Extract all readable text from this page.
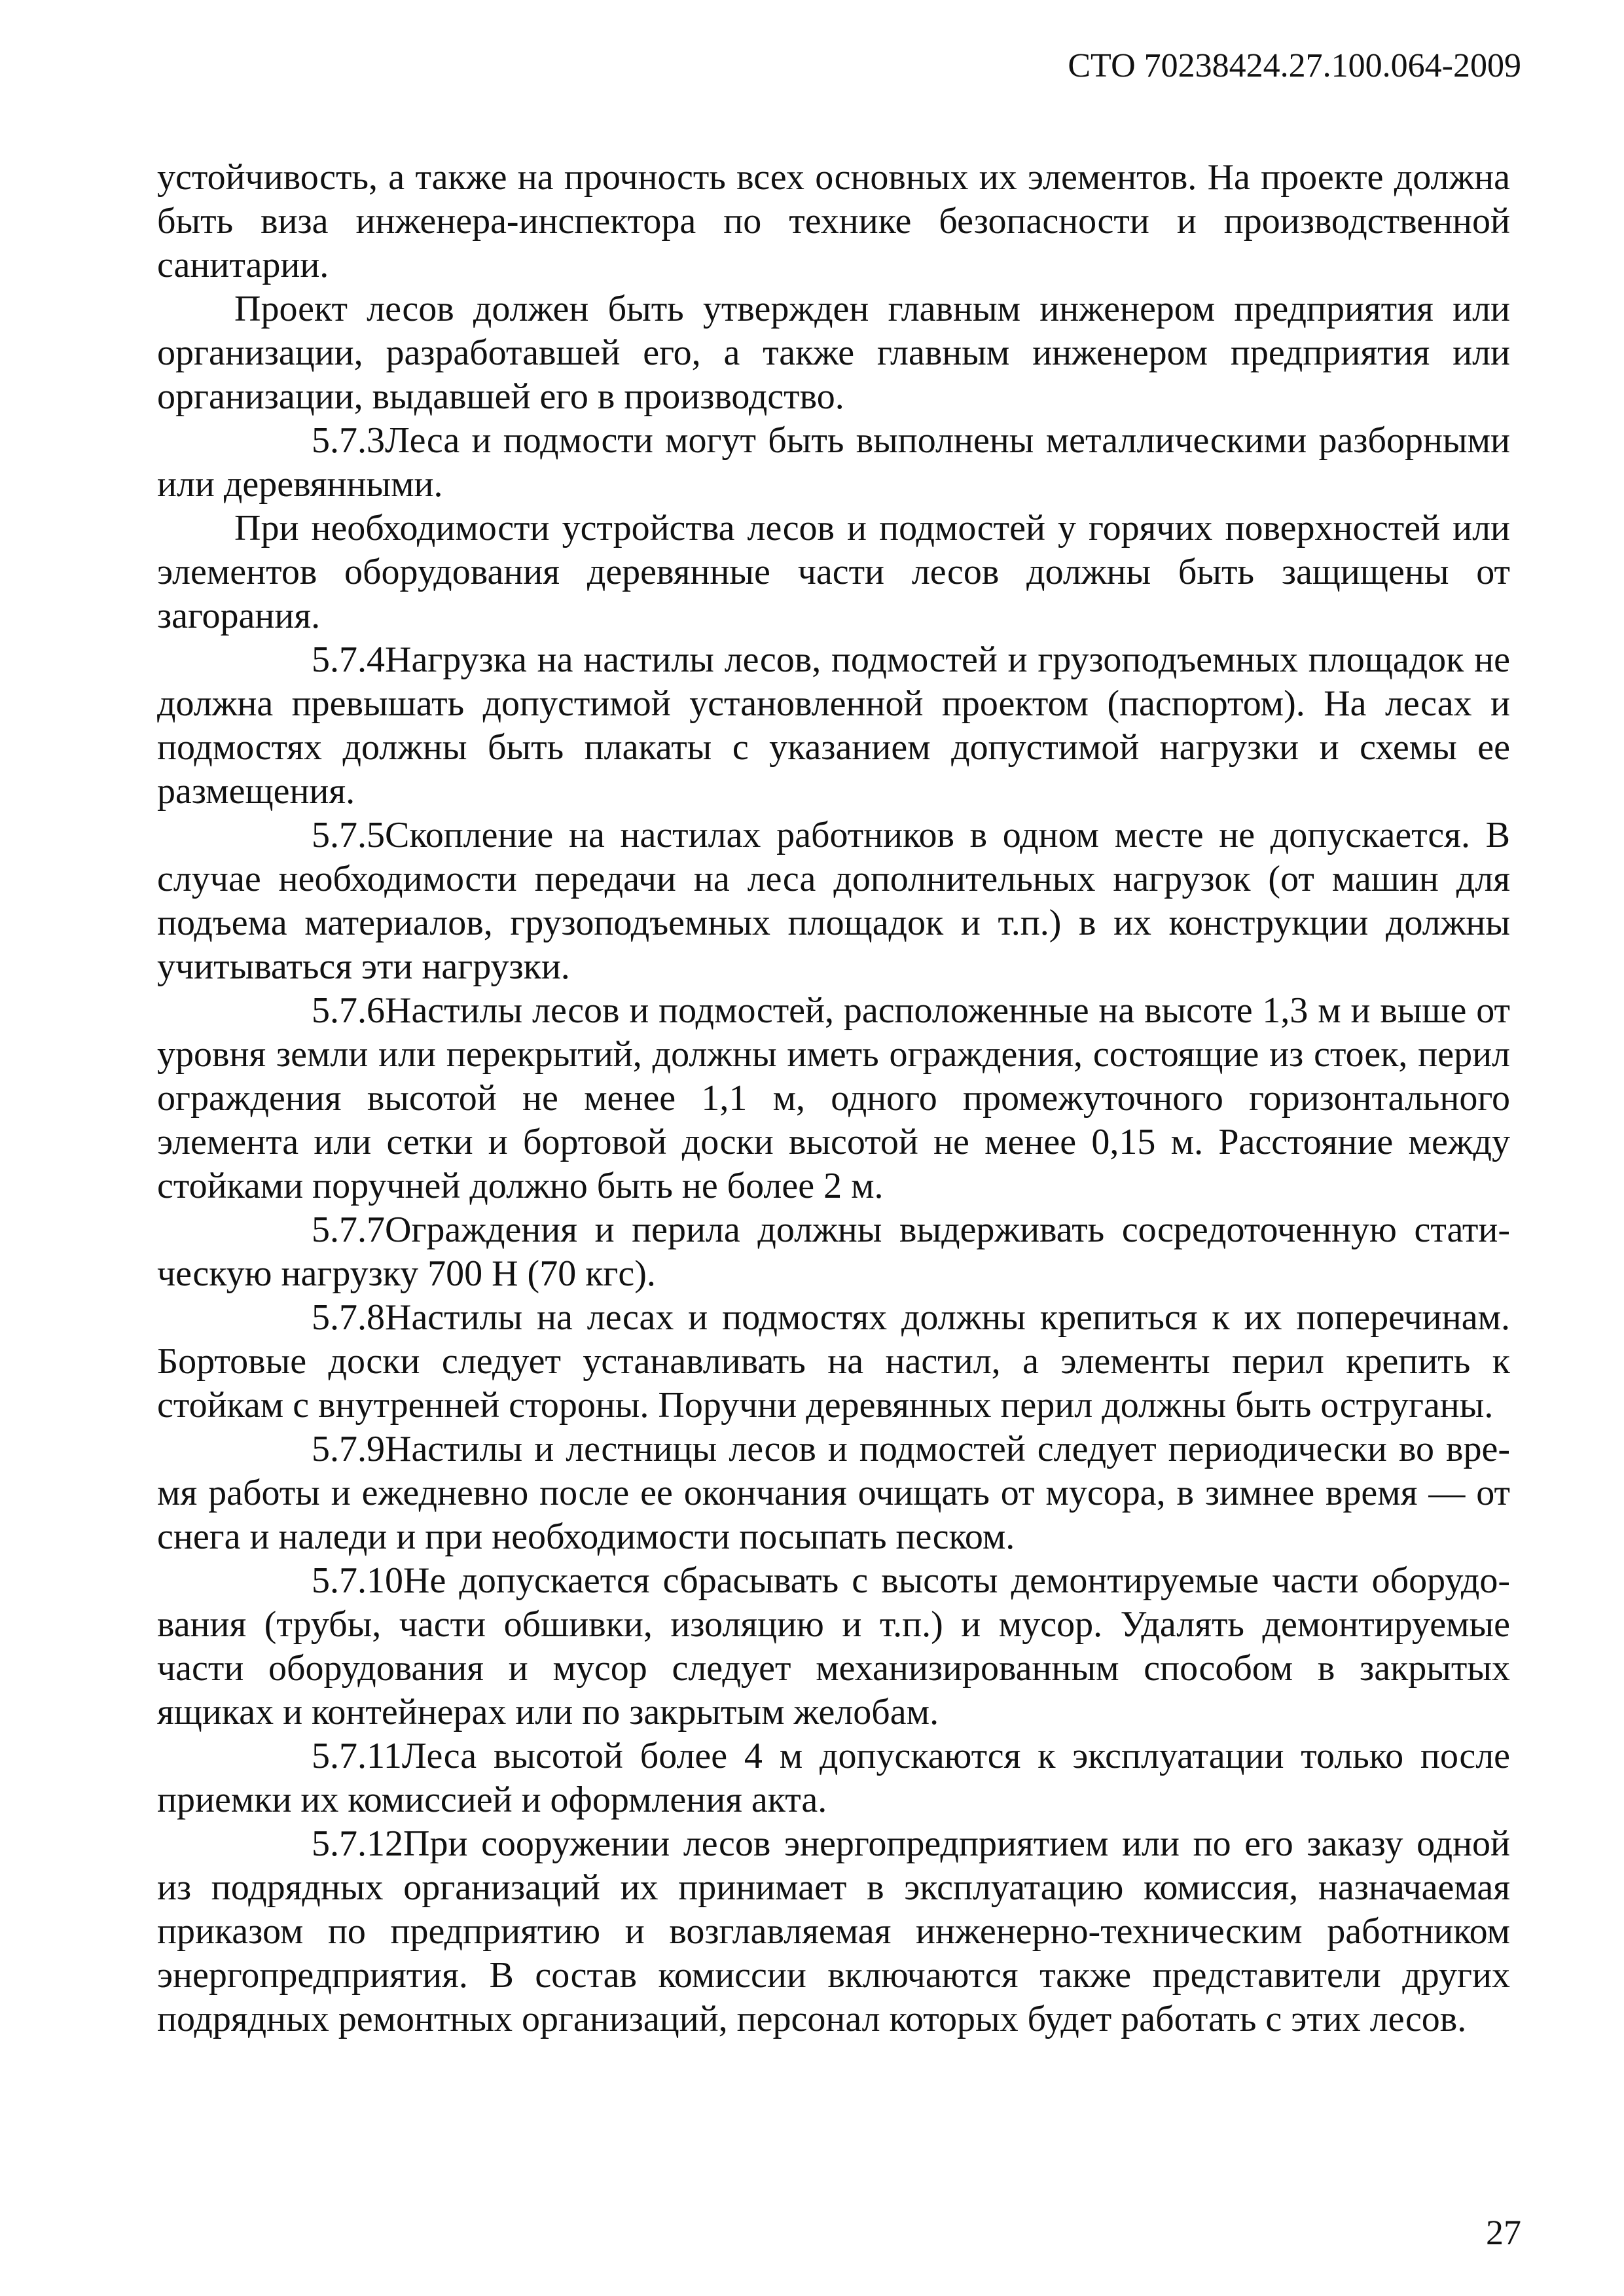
СТО 70238424.27.100.064-2009

устойчивость, а также на прочность всех основных их элементов. На проекте должна быть виза инженера-инспектора по технике безопасности и производственной санитарии.

Проект лесов должен быть утвержден главным инженером предприятия или организации, разработавшей его, а также главным инженером предприятия или организации, выдавшей его в производство.

5.7.3Леса и подмости могут быть выполнены металлическими разборными или деревянными.

При необходимости устройства лесов и подмостей у горячих поверхностей или элементов оборудования деревянные части лесов должны быть защищены от загорания.

5.7.4Нагрузка на настилы лесов, подмостей и грузоподъемных площадок не должна превышать допустимой установленной проектом (паспортом). На лесах и подмостях должны быть плакаты с указанием допустимой нагрузки и схемы ее размещения.

5.7.5Скопление на настилах работников в одном месте не допускается. В случае необходимости передачи на леса дополнительных нагрузок (от машин для подъема материалов, грузоподъемных площадок и т.п.) в их конструкции должны учитываться эти нагрузки.

5.7.6Настилы лесов и подмостей, расположенные на высоте 1,3 м и выше от уровня земли или перекрытий, должны иметь ограждения, состоящие из стоек, перил ограждения высотой не менее 1,1 м, одного промежуточного горизонтального элемента или сетки и бортовой доски высотой не менее 0,15 м. Расстояние между стойками поручней должно быть не более 2 м.

5.7.7Ограждения и перила должны выдерживать сосредоточенную статическую нагрузку 700 Н (70 кгс).

5.7.8Настилы на лесах и подмостях должны крепиться к их поперечинам. Бортовые доски следует устанавливать на настил, а элементы перил крепить к стойкам с внутренней стороны. Поручни деревянных перил должны быть оструганы.

5.7.9Настилы и лестницы лесов и подмостей следует периодически во время работы и ежедневно после ее окончания очищать от мусора, в зимнее время — от снега и наледи и при необходимости посыпать песком.

5.7.10Не допускается сбрасывать с высоты демонтируемые части оборудования (трубы, части обшивки, изоляцию и т.п.) и мусор. Удалять демонтируемые части оборудования и мусор следует механизированным способом в закрытых ящиках и контейнерах или по закрытым желобам.

5.7.11Леса высотой более 4 м допускаются к эксплуатации только после приемки их комиссией и оформления акта.

5.7.12При сооружении лесов энергопредприятием или по его заказу одной из подрядных организаций их принимает в эксплуатацию комиссия, назначаемая приказом по предприятию и возглавляемая инженерно-техническим работником энергопредприятия. В состав комиссии включаются также представители других подрядных ремонтных организаций, персонал которых будет работать с этих лесов.

27
